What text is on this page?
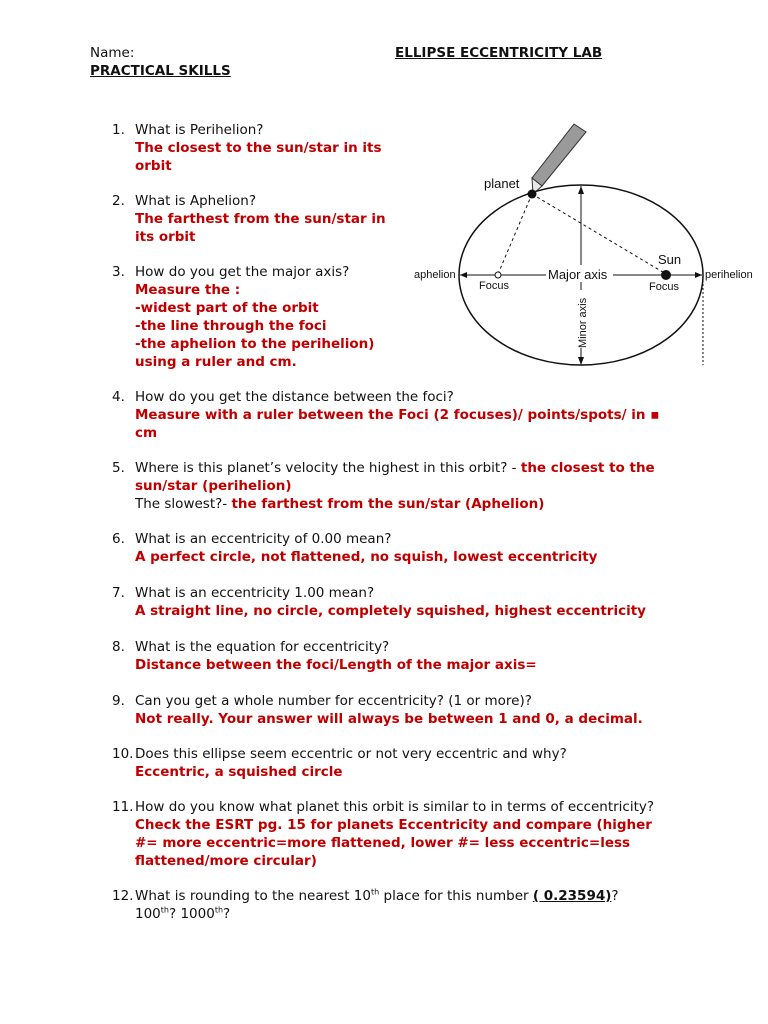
Name:	ELLIPSE ECCENTRICITY LAB
PRACTICAL SKILLS
1. What is Perihelion?
The closest to the sun/star in its
orbit
2. What is Aphelion?
The farthest from the sun/star in
its orbit
3. How do you get the major axis?
Measure the :
-widest part of the orbit
-the line through the foci
-the aphelion to the perihelion)
using a ruler and cm.
4. How do you get the distance between the foci?
Measure with a ruler between the Foci (2 focuses)/ points/spots/ in ▪
cm
5. Where is this planet’s velocity the highest in this orbit? - the closest to the
sun/star (perihelion)
The slowest?- the farthest from the sun/star (Aphelion)
6. What is an eccentricity of 0.00 mean?
A perfect circle, not flattened, no squish, lowest eccentricity
7. What is an eccentricity 1.00 mean?
A straight line, no circle, completely squished, highest eccentricity
8. What is the equation for eccentricity?
Distance between the foci/Length of the major axis=
9. Can you get a whole number for eccentricity? (1 or more)?
Not really. Your answer will always be between 1 and 0, a decimal.
10. Does this ellipse seem eccentric or not very eccentric and why?
Eccentric, a squished circle
11. How do you know what planet this orbit is similar to in terms of eccentricity?
Check the ESRT pg. 15 for planets Eccentricity and compare (higher
#= more eccentric=more flattened, lower #= less eccentric=less
flattened/more circular)
12. What is rounding to the nearest 10th place for this number ( 0.23594)?
100th? 1000th?
planet
Sun
aphelion	perihelion
Major axis
Focus	Focus
Minor axis
